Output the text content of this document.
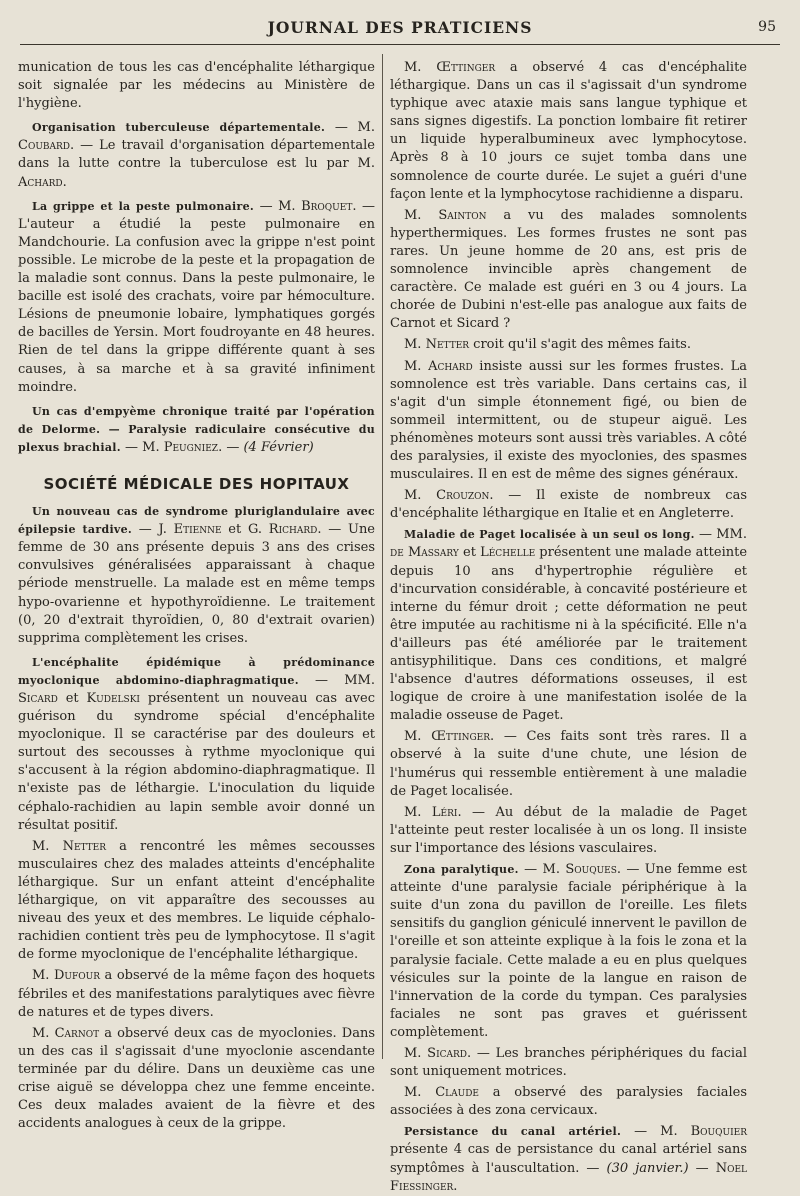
JOURNAL DES PRATICIENS	95

munication de tous les cas d'encéphalite léthargique soit signalée par les médecins au Ministère de l'hygiène.

Organisation tuberculeuse départementale. — M. Coubard. — Le travail d'organisation départementale dans la lutte contre la tuberculose est lu par M. Achard.

La grippe et la peste pulmonaire. — M. Broquet. — L'auteur a étudié la peste pulmonaire en Mandchourie. La confusion avec la grippe n'est point possible. Le microbe de la peste et la propagation de la maladie sont connus. Dans la peste pulmonaire, le bacille est isolé des crachats, voire par hémoculture. Lésions de pneumonie lobaire, lymphatiques gorgés de bacilles de Yersin. Mort foudroyante en 48 heures. Rien de tel dans la grippe différente quant à ses causes, à sa marche et à sa gravité infiniment moindre.

Un cas d'empyème chronique traité par l'opération de Delorme. — Paralysie radiculaire consécutive du plexus brachial. — M. Peugniez. — (4 Février)

SOCIÉTÉ MÉDICALE DES HOPITAUX

Un nouveau cas de syndrome pluriglandulaire avec épilepsie tardive. — J. Etienne et G. Richard. — Une femme de 30 ans présente depuis 3 ans des crises convulsives généralisées apparaissant à chaque période menstruelle. La malade est en même temps hypo-ovarienne et hypothyroïdienne. Le traitement (0, 20 d'extrait thyroïdien, 0, 80 d'extrait ovarien) supprima complètement les crises.

L'encéphalite épidémique à prédominance myoclonique abdomino-diaphragmatique. — MM. Sicard et Kudelski présentent un nouveau cas avec guérison du syndrome spécial d'encéphalite myoclonique. Il se caractérise par des douleurs et surtout des secousses à rythme myoclonique qui s'accusent à la région abdomino-diaphragmatique. Il n'existe pas de léthargie. L'inoculation du liquide céphalo-rachidien au lapin semble avoir donné un résultat positif.

M. Netter a rencontré les mêmes secousses musculaires chez des malades atteints d'encéphalite léthargique. Sur un enfant atteint d'encéphalite léthargique, on vit apparaître des secousses au niveau des yeux et des membres. Le liquide céphalo-rachidien contient très peu de lymphocytose. Il s'agit de forme myoclonique de l'encéphalite léthargique.

M. Dufour a observé de la même façon des hoquets fébriles et des manifestations paralytiques avec fièvre de natures et de types divers.

M. Carnot a observé deux cas de myoclonies. Dans un des cas il s'agissait d'une myoclonie ascendante terminée par du délire. Dans un deuxième cas une crise aiguë se développa chez une femme enceinte. Ces deux malades avaient de la fièvre et des accidents analogues à ceux de la grippe.

M. Œttinger a observé 4 cas d'encéphalite léthargique. Dans un cas il s'agissait d'un syndrome typhique avec ataxie mais sans langue typhique et sans signes digestifs. La ponction lombaire fit retirer un liquide hyperalbumineux avec lymphocytose. Après 8 à 10 jours ce sujet tomba dans une somnolence de courte durée. Le sujet a guéri d'une façon lente et la lymphocytose rachidienne a disparu.

M. Sainton a vu des malades somnolents hyperthermiques. Les formes frustes ne sont pas rares. Un jeune homme de 20 ans, est pris de somnolence invincible après changement de caractère. Ce malade est guéri en 3 ou 4 jours. La chorée de Dubini n'est-elle pas analogue aux faits de Carnot et Sicard ?

M. Netter croit qu'il s'agit des mêmes faits.

M. Achard insiste aussi sur les formes frustes. La somnolence est très variable. Dans certains cas, il s'agit d'un simple étonnement figé, ou bien de sommeil intermittent, ou de stupeur aiguë. Les phénomènes moteurs sont aussi très variables. A côté des paralysies, il existe des myoclonies, des spasmes musculaires. Il en est de même des signes généraux.

M. Crouzon. — Il existe de nombreux cas d'encéphalite léthargique en Italie et en Angleterre.

Maladie de Paget localisée à un seul os long. — MM. de Massary et Léchelle présentent une malade atteinte depuis 10 ans d'hypertrophie régulière et d'incurvation considérable, à concavité postérieure et interne du fémur droit ; cette déformation ne peut être imputée au rachitisme ni à la spécificité. Elle n'a d'ailleurs pas été améliorée par le traitement antisyphilitique. Dans ces conditions, et malgré l'absence d'autres déformations osseuses, il est logique de croire à une manifestation isolée de la maladie osseuse de Paget.

M. Œttinger. — Ces faits sont très rares. Il a observé à la suite d'une chute, une lésion de l'humérus qui ressemble entièrement à une maladie de Paget localisée.

M. Léri. — Au début de la maladie de Paget l'atteinte peut rester localisée à un os long. Il insiste sur l'importance des lésions vasculaires.

Zona paralytique. — M. Souques. — Une femme est atteinte d'une paralysie faciale périphérique à la suite d'un zona du pavillon de l'oreille. Les filets sensitifs du ganglion géniculé innervent le pavillon de l'oreille et son atteinte explique à la fois le zona et la paralysie faciale. Cette malade a eu en plus quelques vésicules sur la pointe de la langue en raison de l'innervation de la corde du tympan. Ces paralysies faciales ne sont pas graves et guérissent complètement.

M. Sicard. — Les branches périphériques du facial sont uniquement motrices.

M. Claude a observé des paralysies faciales associées à des zona cervicaux.

Persistance du canal artériel. — M. Bouquier présente 4 cas de persistance du canal artériel sans symptômes à l'auscultation. — (30 janvier.) — Noel Fiessinger.
